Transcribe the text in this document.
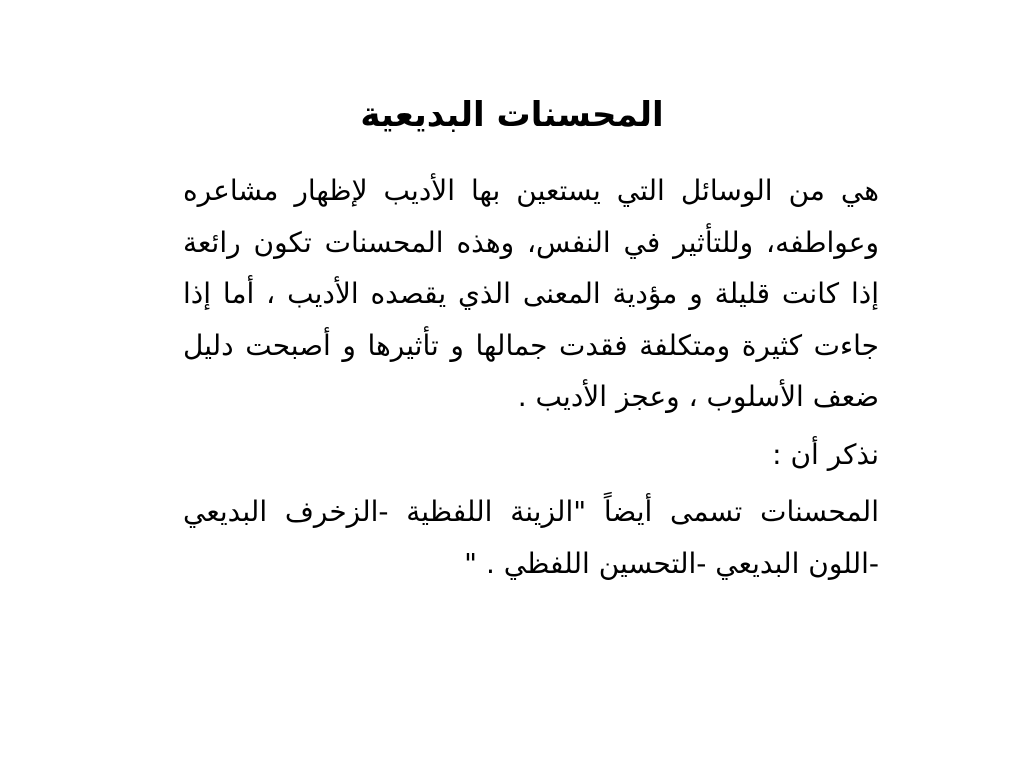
المحسنات البديعية

هي من الوسائل التي يستعين بها الأديب لإظهار مشاعره وعواطفه، وللتأثير في النفس، وهذه المحسنات تكون رائعة إذا كانت قليلة و مؤدية المعنى الذي يقصده الأديب ، أما إذا جاءت كثيرة ومتكلفة فقدت جمالها و تأثيرها و أصبحت دليل ضعف الأسلوب ، وعجز الأديب .

نذكر أن :

المحسنات تسمى أيضاً "الزينة اللفظية -الزخرف البديعي -اللون البديعي -التحسين اللفظي . "
